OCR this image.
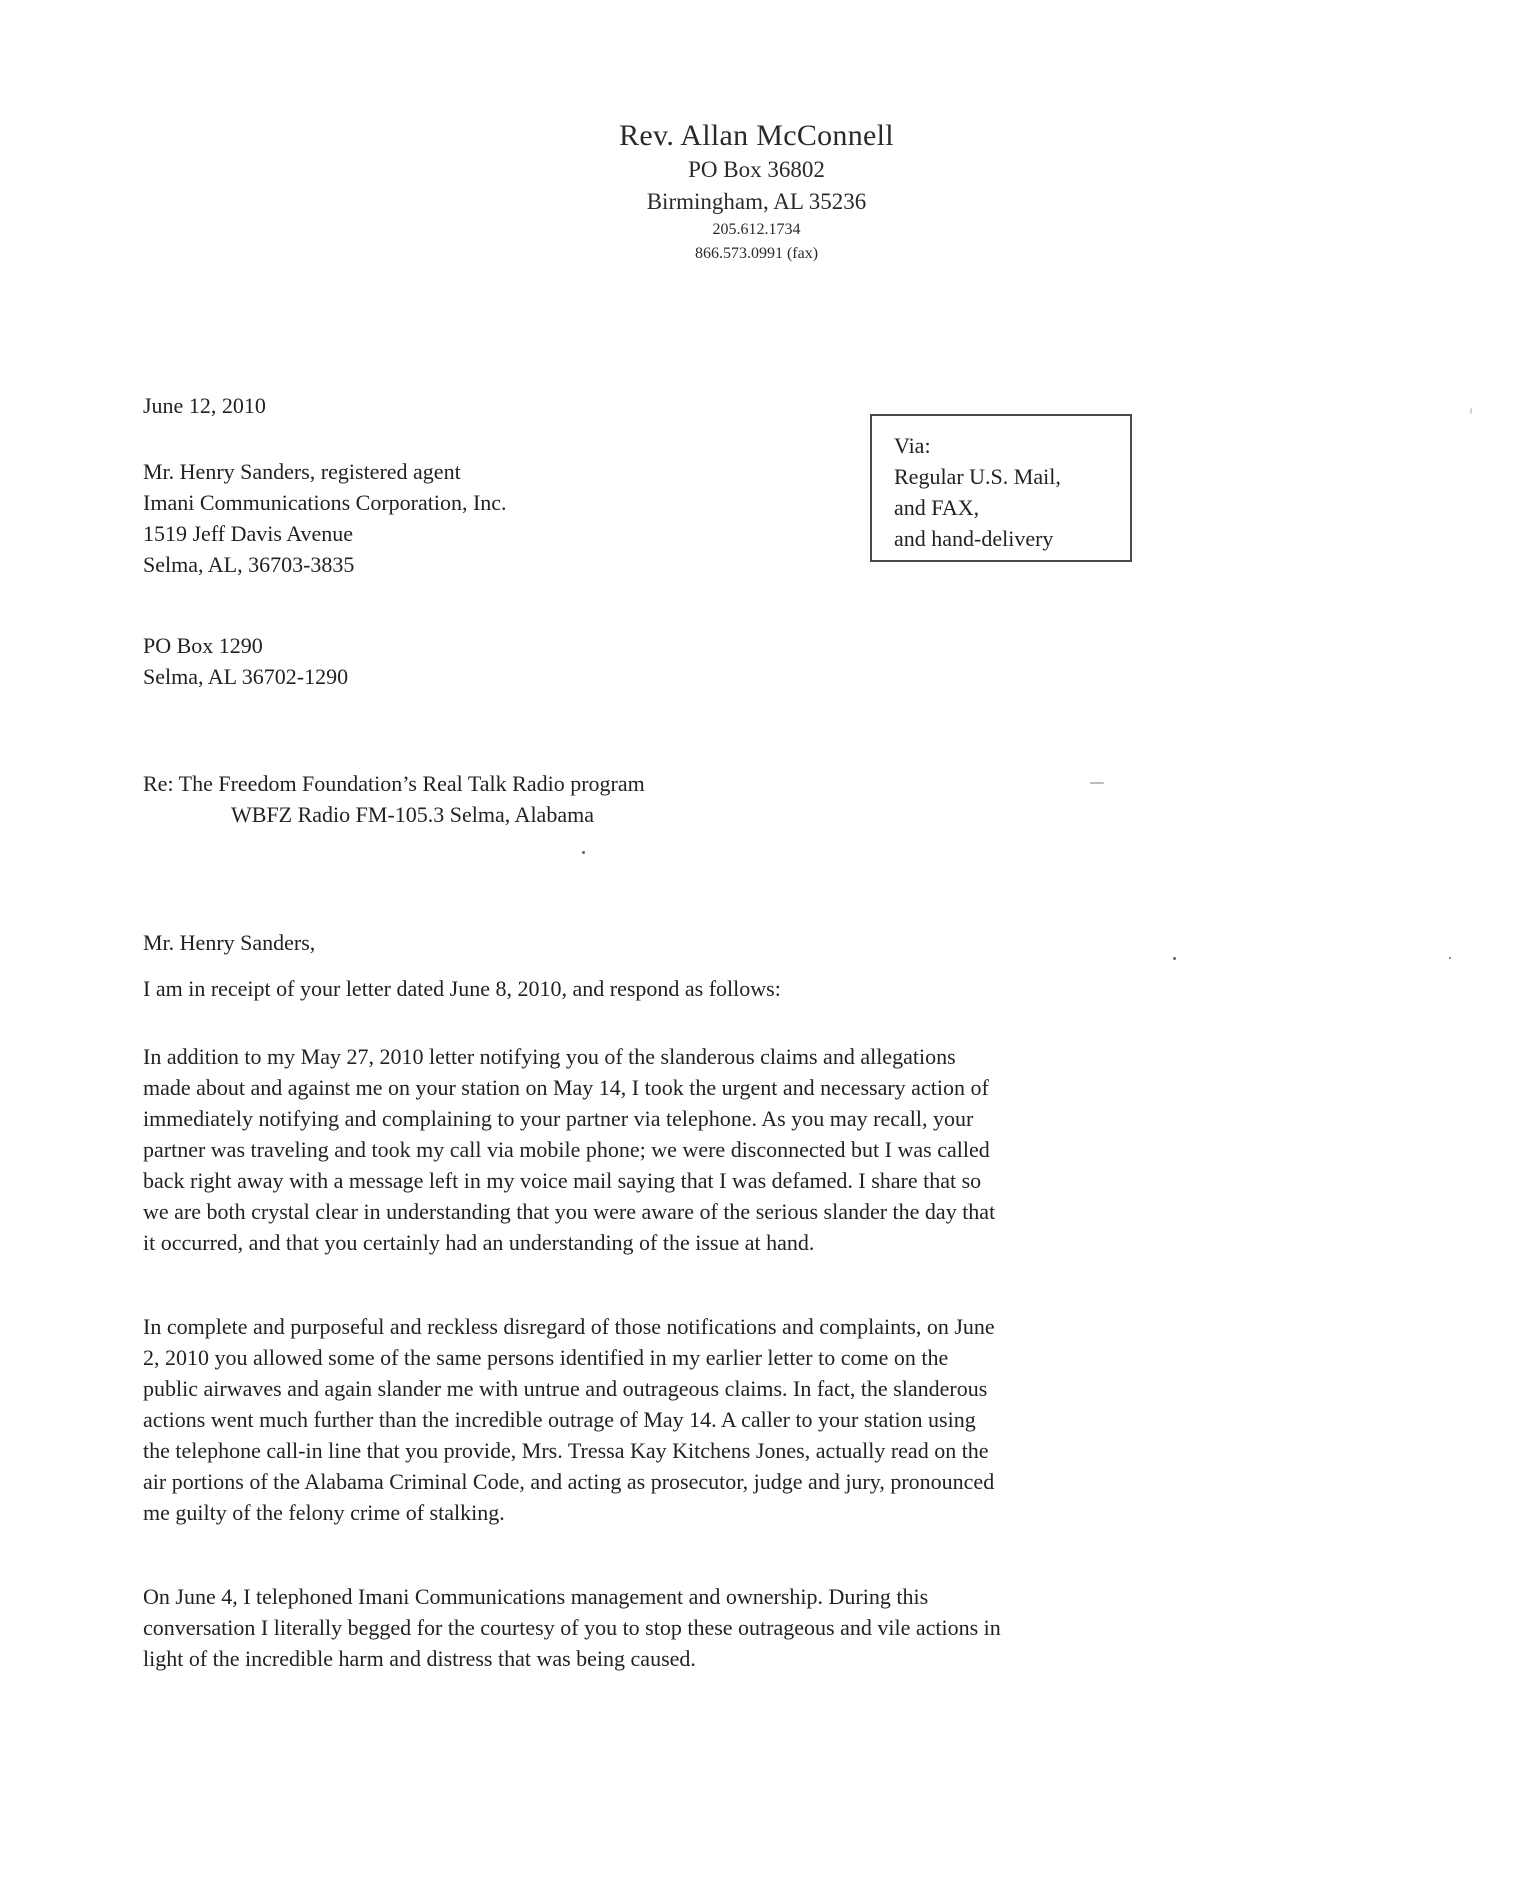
Rev. Allan McConnell
PO Box 36802
Birmingham, AL 35236
205.612.1734
866.573.0991 (fax)
June 12, 2010
Mr. Henry Sanders, registered agent
Imani Communications Corporation, Inc.
1519 Jeff Davis Avenue
Selma, AL, 36703-3835
PO Box 1290
Selma, AL 36702-1290
Via:
Regular U.S. Mail,
and FAX,
and hand-delivery
Re: The Freedom Foundation’s Real Talk Radio program
WBFZ Radio FM-105.3 Selma, Alabama
Mr. Henry Sanders,
I am in receipt of your letter dated June 8, 2010, and respond as follows:
In addition to my May 27, 2010 letter notifying you of the slanderous claims and allegations
made about and against me on your station on May 14, I took the urgent and necessary action of
immediately notifying and complaining to your partner via telephone. As you may recall, your
partner was traveling and took my call via mobile phone; we were disconnected but I was called
back right away with a message left in my voice mail saying that I was defamed. I share that so
we are both crystal clear in understanding that you were aware of the serious slander the day that
it occurred, and that you certainly had an understanding of the issue at hand.
In complete and purposeful and reckless disregard of those notifications and complaints, on June
2, 2010 you allowed some of the same persons identified in my earlier letter to come on the
public airwaves and again slander me with untrue and outrageous claims. In fact, the slanderous
actions went much further than the incredible outrage of May 14. A caller to your station using
the telephone call-in line that you provide, Mrs. Tressa Kay Kitchens Jones, actually read on the
air portions of the Alabama Criminal Code, and acting as prosecutor, judge and jury, pronounced
me guilty of the felony crime of stalking.
On June 4, I telephoned Imani Communications management and ownership. During this
conversation I literally begged for the courtesy of you to stop these outrageous and vile actions in
light of the incredible harm and distress that was being caused.
